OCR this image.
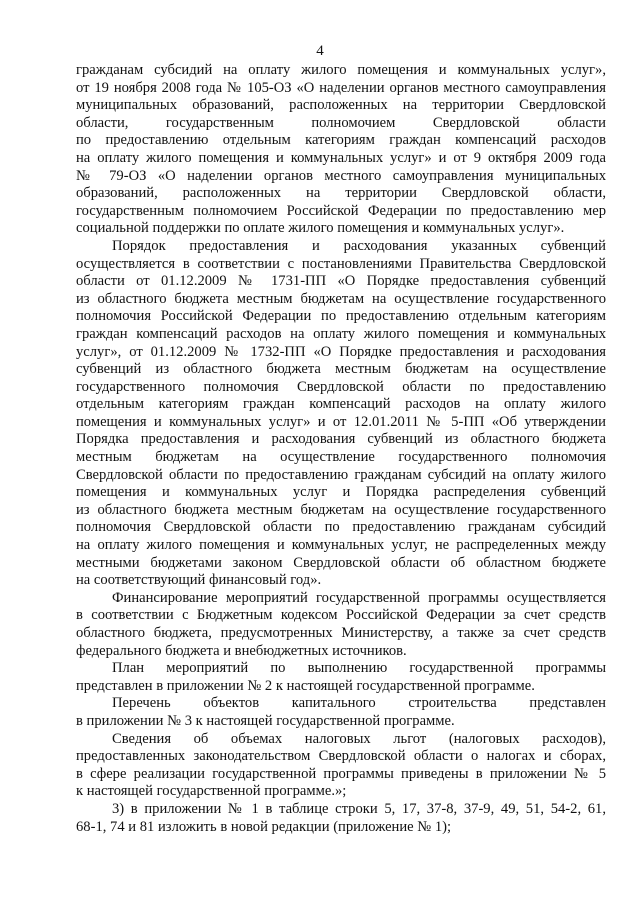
4
гражданам субсидий на оплату жилого помещения и коммунальных услуг»,
от 19 ноября 2008 года № 105-ОЗ «О наделении органов местного самоуправления
муниципальных образований, расположенных на территории Свердловской
области, государственным полномочием Свердловской области
по предоставлению отдельным категориям граждан компенсаций расходов
на оплату жилого помещения и коммунальных услуг» и от 9 октября 2009 года
№ 79-ОЗ «О наделении органов местного самоуправления муниципальных
образований, расположенных на территории Свердловской области,
государственным полномочием Российской Федерации по предоставлению мер
социальной поддержки по оплате жилого помещения и коммунальных услуг».
Порядок предоставления и расходования указанных субвенций
осуществляется в соответствии с постановлениями Правительства Свердловской
области от 01.12.2009 № 1731-ПП «О Порядке предоставления субвенций
из областного бюджета местным бюджетам на осуществление государственного
полномочия Российской Федерации по предоставлению отдельным категориям
граждан компенсаций расходов на оплату жилого помещения и коммунальных
услуг», от 01.12.2009 № 1732-ПП «О Порядке предоставления и расходования
субвенций из областного бюджета местным бюджетам на осуществление
государственного полномочия Свердловской области по предоставлению
отдельным категориям граждан компенсаций расходов на оплату жилого
помещения и коммунальных услуг» и от 12.01.2011 № 5-ПП «Об утверждении
Порядка предоставления и расходования субвенций из областного бюджета
местным бюджетам на осуществление государственного полномочия
Свердловской области по предоставлению гражданам субсидий на оплату жилого
помещения и коммунальных услуг и Порядка распределения субвенций
из областного бюджета местным бюджетам на осуществление государственного
полномочия Свердловской области по предоставлению гражданам субсидий
на оплату жилого помещения и коммунальных услуг, не распределенных между
местными бюджетами законом Свердловской области об областном бюджете
на соответствующий финансовый год».
Финансирование мероприятий государственной программы осуществляется
в соответствии с Бюджетным кодексом Российской Федерации за счет средств
областного бюджета, предусмотренных Министерству, а также за счет средств
федерального бюджета и внебюджетных источников.
План мероприятий по выполнению государственной программы
представлен в приложении № 2 к настоящей государственной программе.
Перечень объектов капитального строительства представлен
в приложении № 3 к настоящей государственной программе.
Сведения об объемах налоговых льгот (налоговых расходов),
предоставленных законодательством Свердловской области о налогах и сборах,
в сфере реализации государственной программы приведены в приложении № 5
к настоящей государственной программе.»;
3) в приложении № 1 в таблице строки 5, 17, 37-8, 37-9, 49, 51, 54-2, 61,
68-1, 74 и 81 изложить в новой редакции (приложение № 1);
